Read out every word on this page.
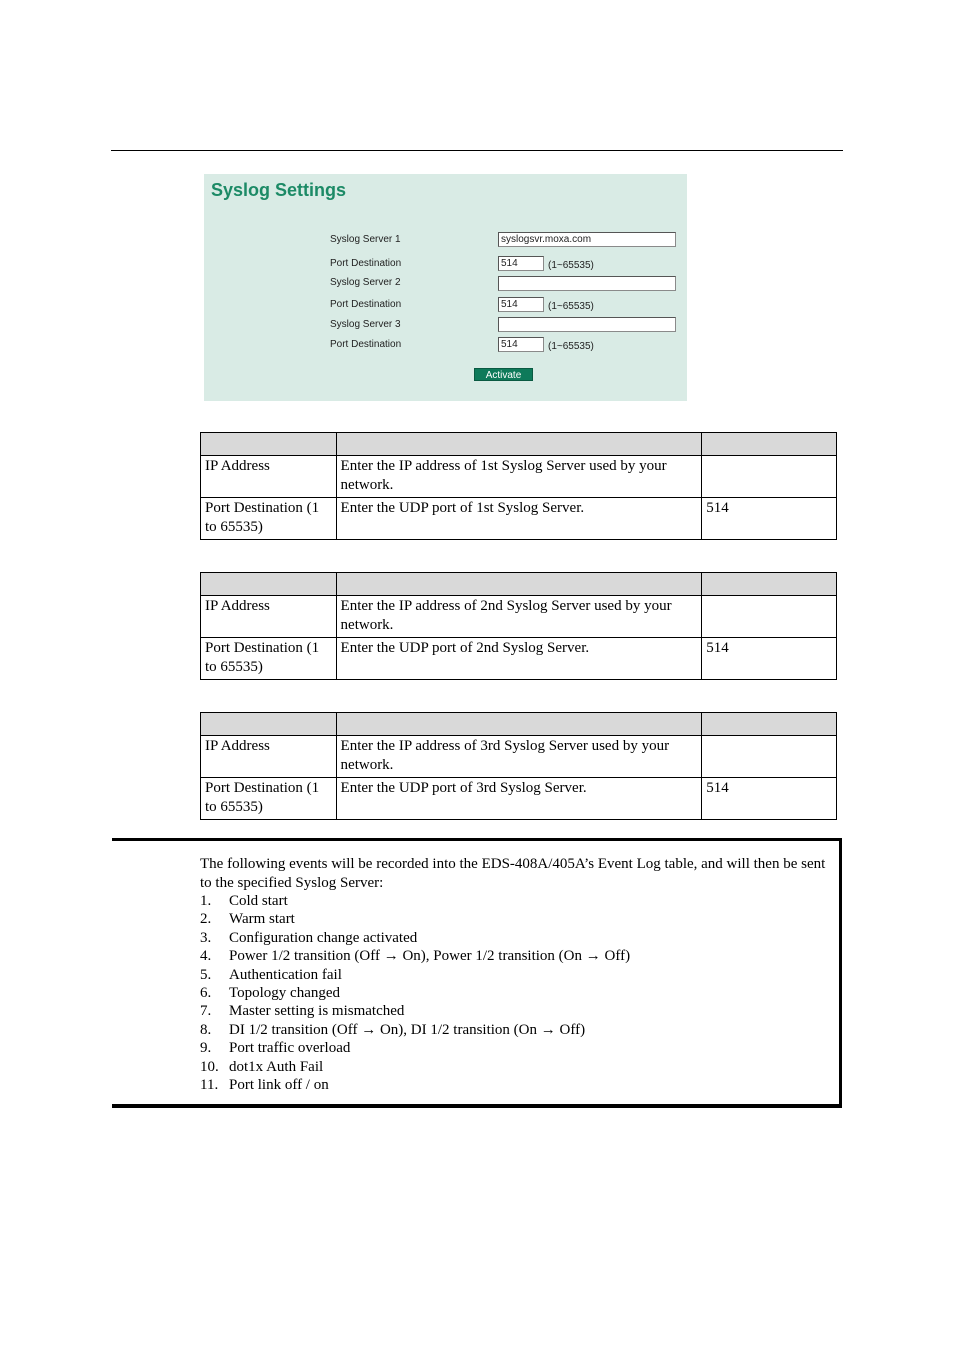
Syslog Settings
Syslog Server 1	syslogsvr.moxa.com
Port Destination	514	(1~65535)
Syslog Server 2
Port Destination	514	(1~65535)
Syslog Server 3
Port Destination	514	(1~65535)
Activate

IP Address	Enter the IP address of 1st Syslog Server used by your network.	
Port Destination (1 to 65535)	Enter the UDP port of 1st Syslog Server.	514

IP Address	Enter the IP address of 2nd Syslog Server used by your network.	
Port Destination (1 to 65535)	Enter the UDP port of 2nd Syslog Server.	514

IP Address	Enter the IP address of 3rd Syslog Server used by your network.	
Port Destination (1 to 65535)	Enter the UDP port of 3rd Syslog Server.	514
The following events will be recorded into the EDS-408A/405A’s Event Log table, and will then be sent to the specified Syslog Server:
1. Cold start
2. Warm start
3. Configuration change activated
4. Power 1/2 transition (Off → On), Power 1/2 transition (On → Off)
5. Authentication fail
6. Topology changed
7. Master setting is mismatched
8. DI 1/2 transition (Off → On), DI 1/2 transition (On → Off)
9. Port traffic overload
10. dot1x Auth Fail
11. Port link off / on
